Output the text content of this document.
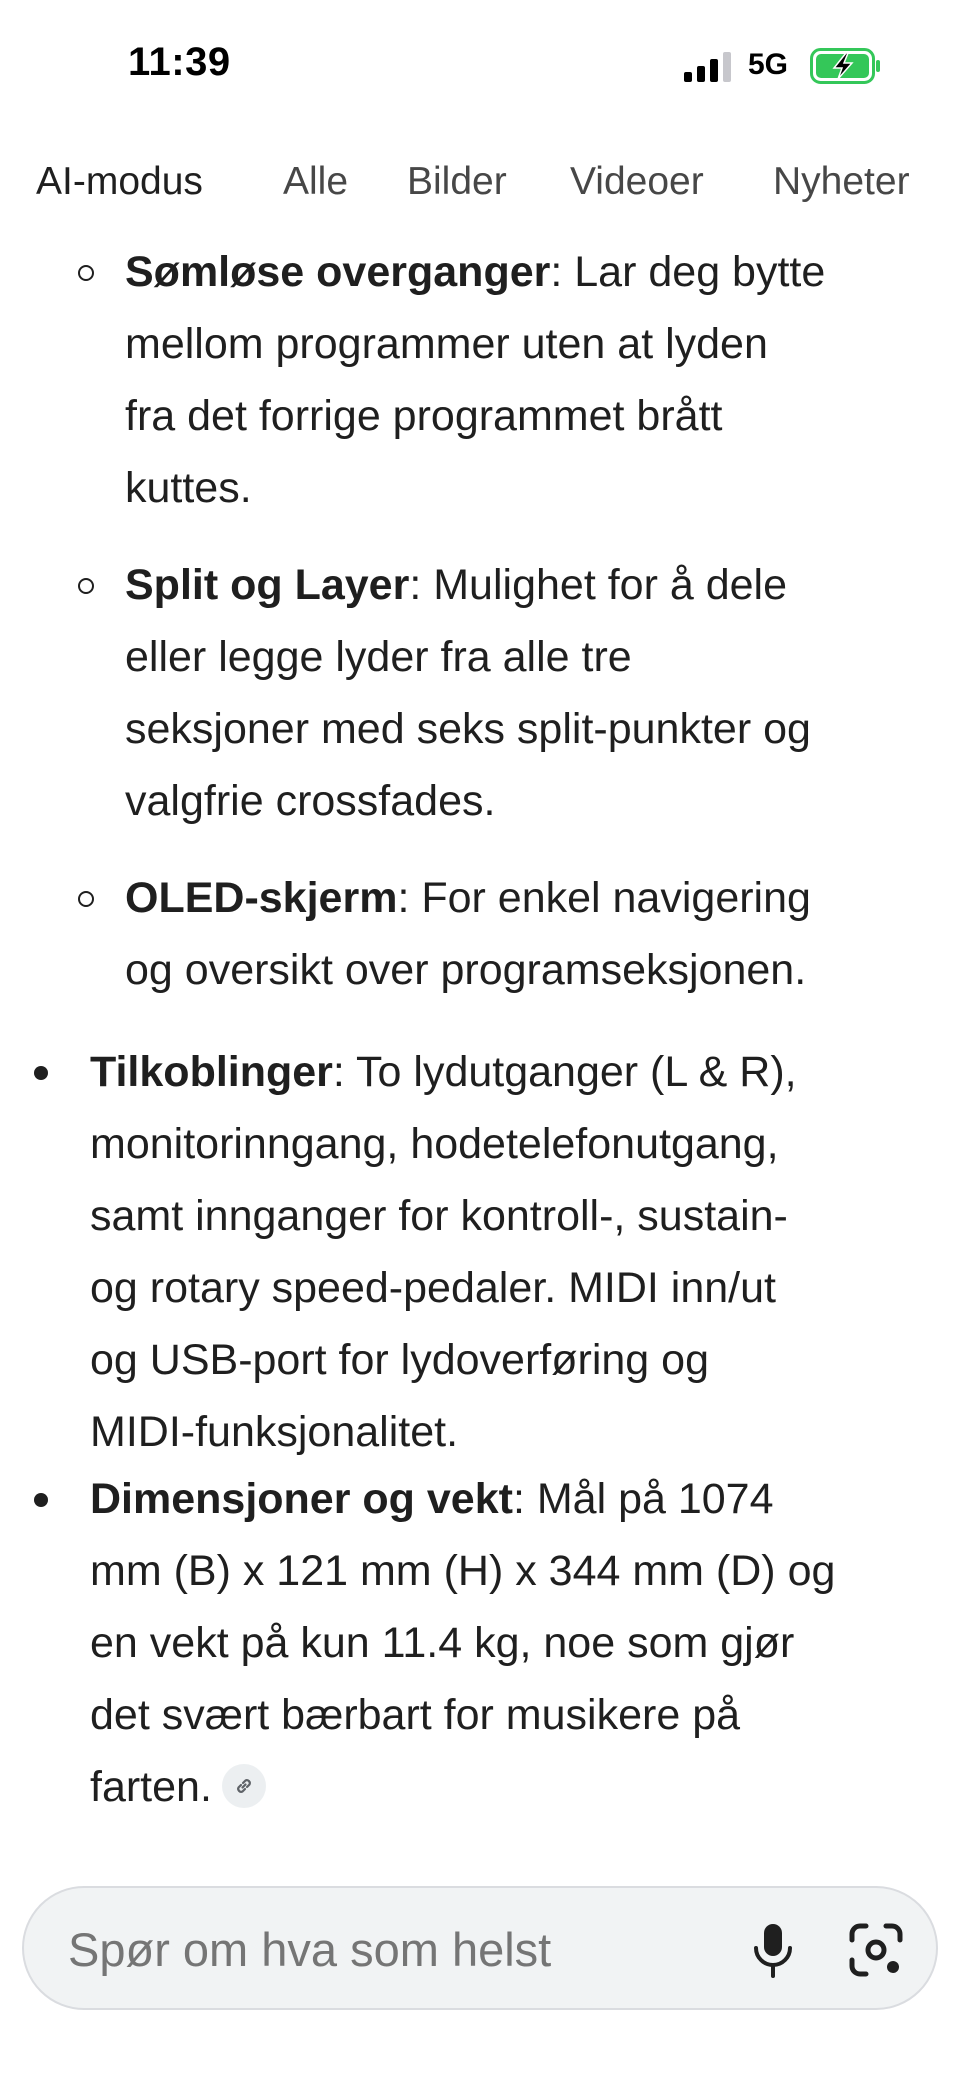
11:39	5G
AI-modus Alle Bilder Videoer Nyheter
Sømløse overganger: Lar deg bytte
mellom programmer uten at lyden
fra det forrige programmet brått
kuttes.
Split og Layer: Mulighet for å dele
eller legge lyder fra alle tre
seksjoner med seks split-punkter og
valgfrie crossfades.
OLED-skjerm: For enkel navigering
og oversikt over programseksjonen.
Tilkoblinger: To lydutganger (L & R),
monitorinngang, hodetelefonutgang,
samt innganger for kontroll-, sustain-
og rotary speed-pedaler. MIDI inn/ut
og USB-port for lydoverføring og
MIDI-funksjonalitet.
Dimensjoner og vekt: Mål på 1074
mm (B) x 121 mm (H) x 344 mm (D) og
en vekt på kun 11.4 kg, noe som gjør
det svært bærbart for musikere på
farten.
Spør om hva som helst
